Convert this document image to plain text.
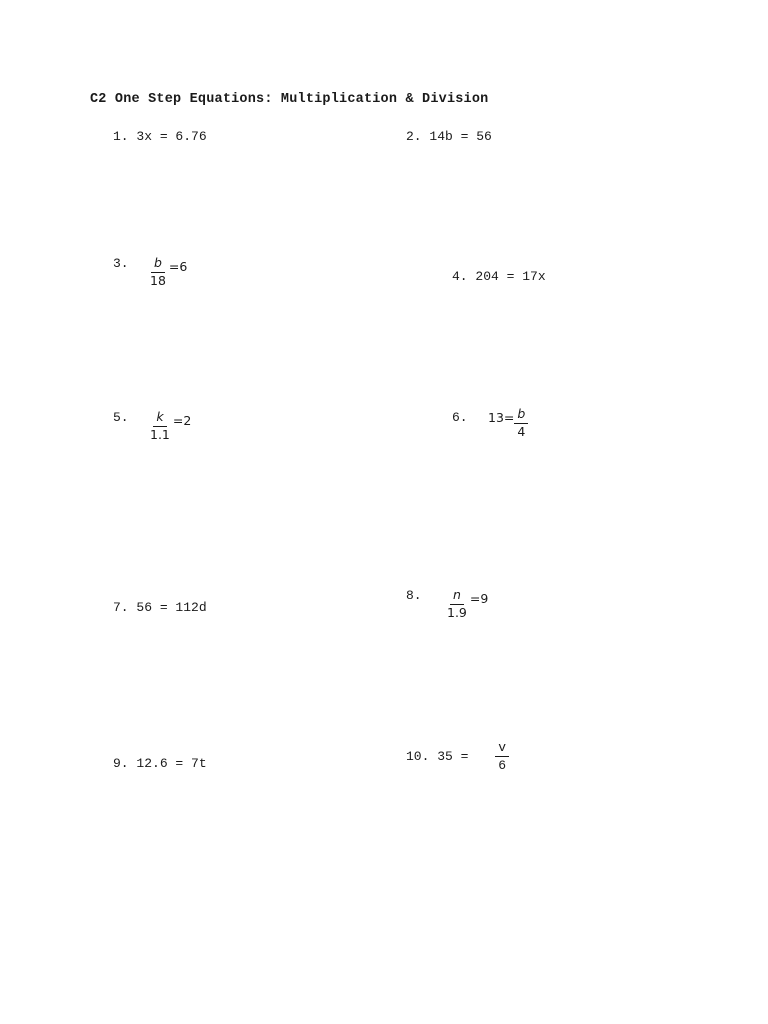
C2 One Step Equations: Multiplication & Division
1. 3x = 6.76	2. 14b = 56
3. $\frac{b}{18} =6$
4. 204 = 17x
5. $\frac{k}{1.1} =2$	6. $13= \frac{b}{4}$
7. 56 = 112d
8. $\frac{n}{1.9} =9$
9. 12.6 = 7t	10. $35 = \frac{v}{6}$
